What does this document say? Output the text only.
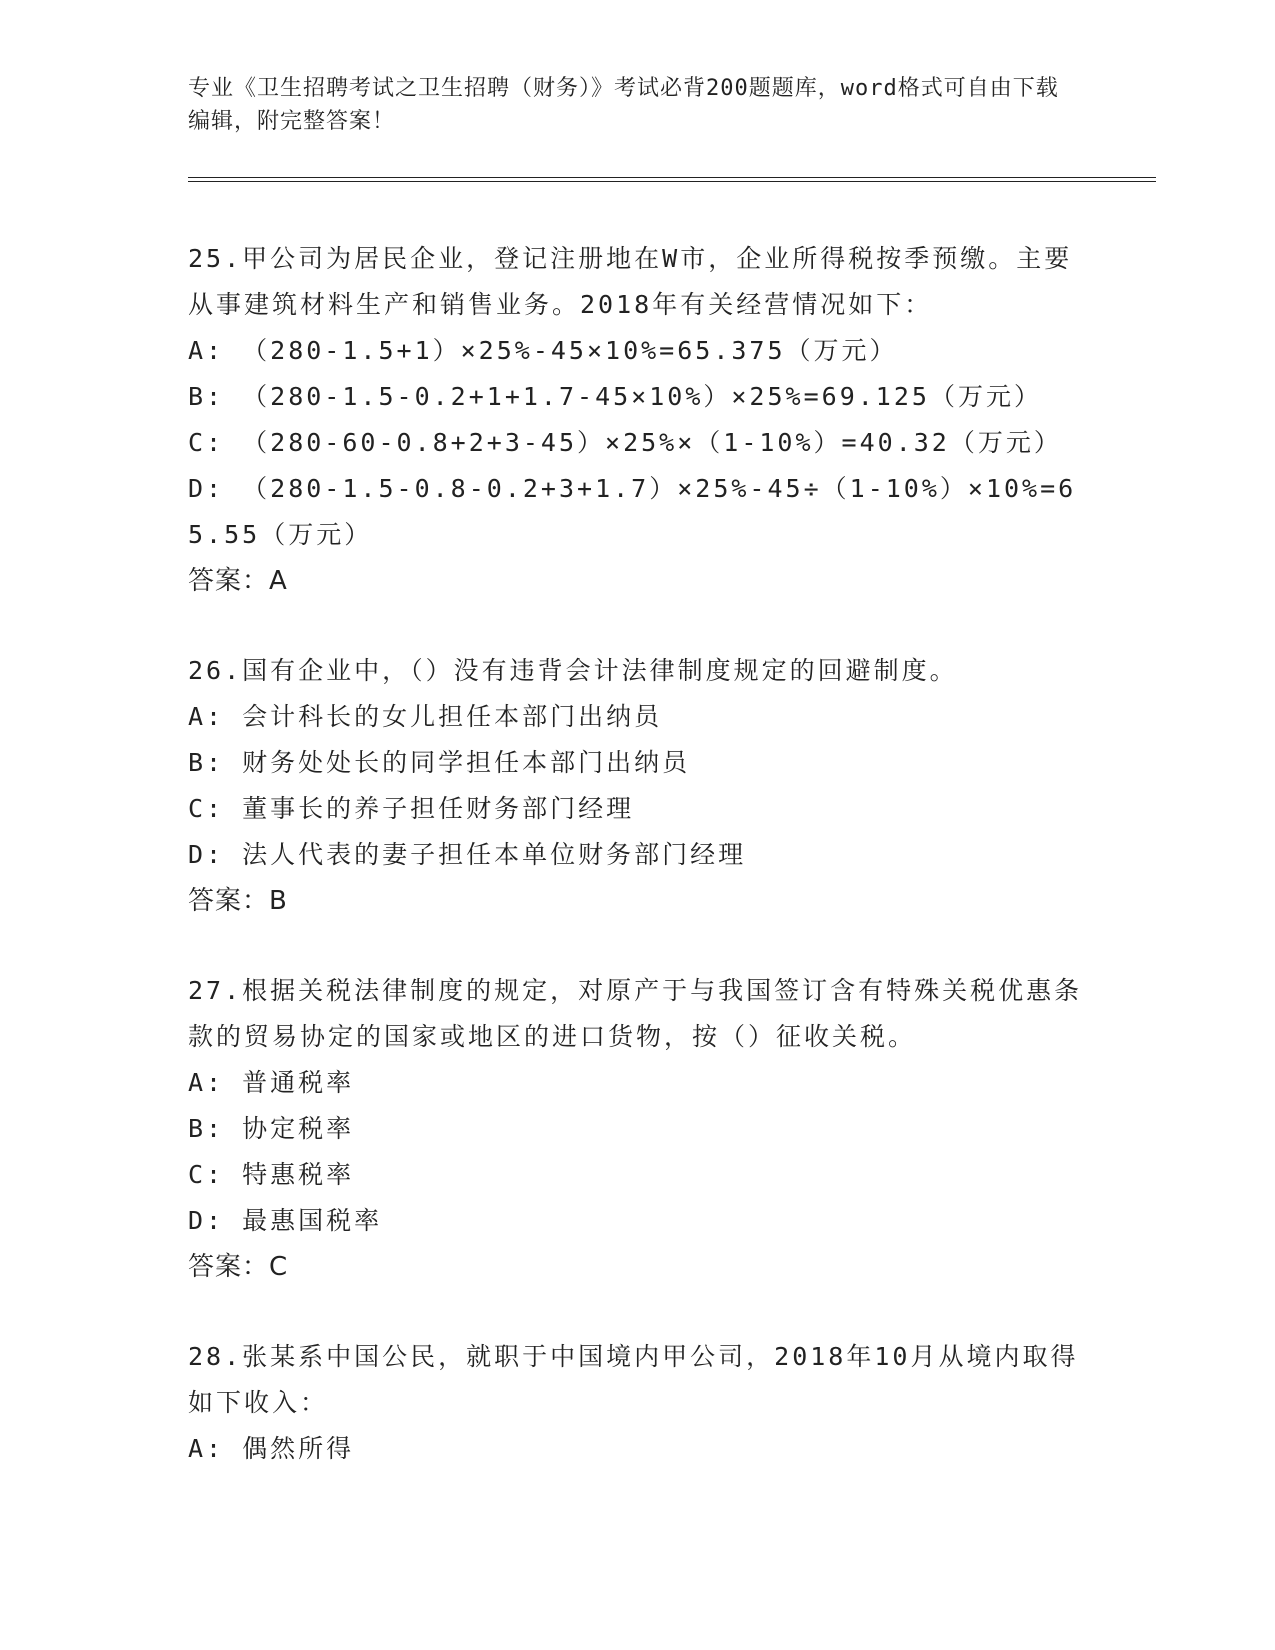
专业《卫生招聘考试之卫生招聘（财务）》考试必背200题题库，word格式可自由下载编辑，附完整答案！
25.甲公司为居民企业，登记注册地在W市，企业所得税按季预缴。主要从事建筑材料生产和销售业务。2018年有关经营情况如下：
A: （280-1.5+1）×25%-45×10%=65.375（万元）
B: （280-1.5-0.2+1+1.7-45×10%）×25%=69.125（万元）
C: （280-60-0.8+2+3-45）×25%×（1-10%）=40.32（万元）
D: （280-1.5-0.8-0.2+3+1.7）×25%-45÷（1-10%）×10%=65.55（万元）
答案：A
26.国有企业中，（）没有违背会计法律制度规定的回避制度。
A: 会计科长的女儿担任本部门出纳员
B: 财务处处长的同学担任本部门出纳员
C: 董事长的养子担任财务部门经理
D: 法人代表的妻子担任本单位财务部门经理
答案：B
27.根据关税法律制度的规定，对原产于与我国签订含有特殊关税优惠条款的贸易协定的国家或地区的进口货物，按（）征收关税。
A: 普通税率
B: 协定税率
C: 特惠税率
D: 最惠国税率
答案：C
28.张某系中国公民，就职于中国境内甲公司，2018年10月从境内取得如下收入：
A: 偶然所得
